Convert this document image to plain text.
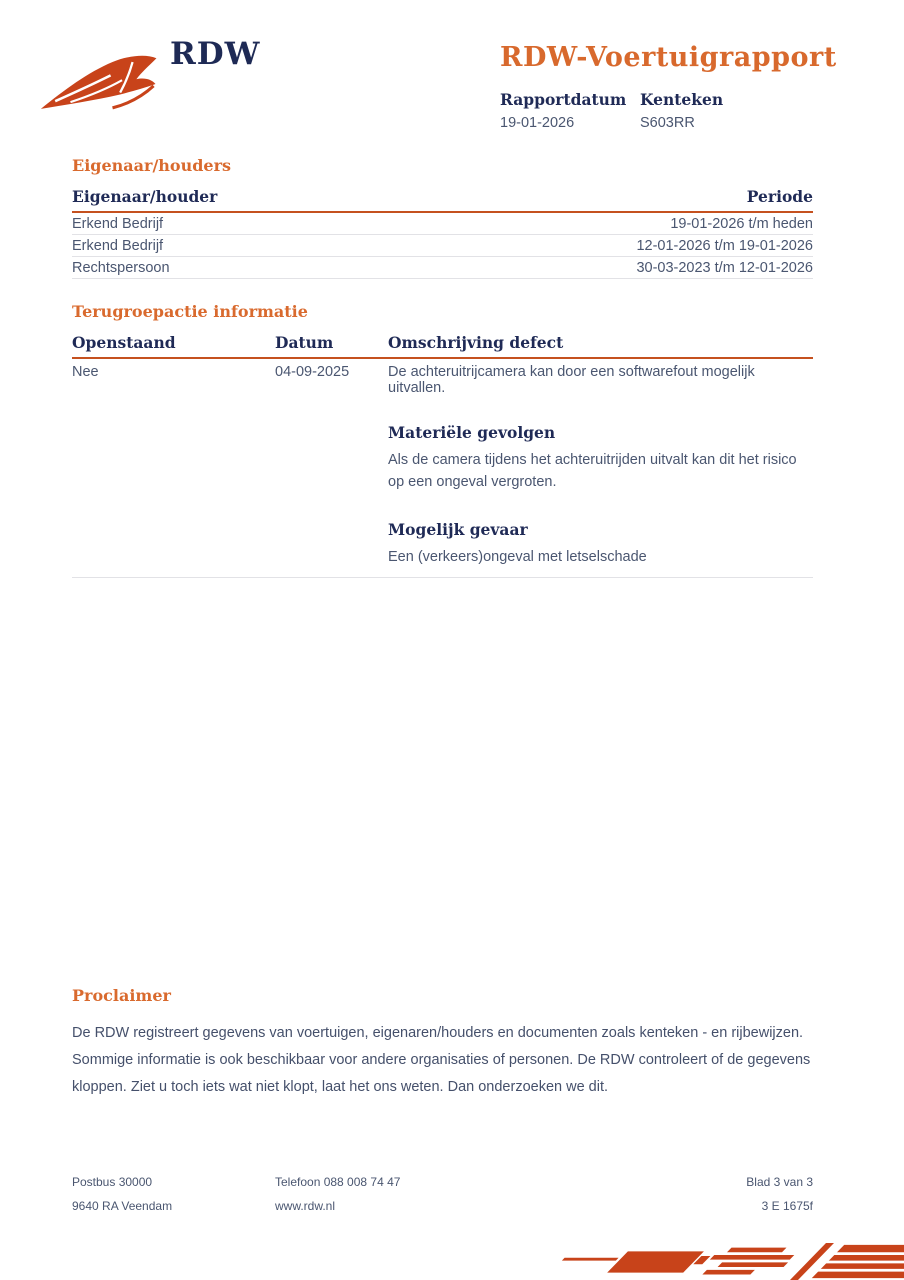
RDW	RDW-Voertuigrapport
Rapportdatum
19-01-2026
Kenteken
S603RR
Eigenaar/houders
Eigenaar/houder	Periode
Erkend Bedrijf	19-01-2026 t/m heden
Erkend Bedrijf	12-01-2026 t/m 19-01-2026
Rechtspersoon	30-03-2023 t/m 12-01-2026
Terugroepactie informatie
Openstaand	Datum	Omschrijving defect
Nee	04-09-2025	De achteruitrijcamera kan door een softwarefout mogelijk uitvallen.
Materiële gevolgen
Als de camera tijdens het achteruitrijden uitvalt kan dit het risico op een ongeval vergroten.
Mogelijk gevaar
Een (verkeers)ongeval met letselschade
Proclaimer
De RDW registreert gegevens van voertuigen, eigenaren/houders en documenten zoals kenteken - en rijbewijzen. Sommige informatie is ook beschikbaar voor andere organisaties of personen. De RDW controleert of de gegevens kloppen. Ziet u toch iets wat niet klopt, laat het ons weten. Dan onderzoeken we dit.
Postbus 30000
9640 RA Veendam
Telefoon 088 008 74 47
www.rdw.nl
Blad 3 van 3
3 E 1675f
